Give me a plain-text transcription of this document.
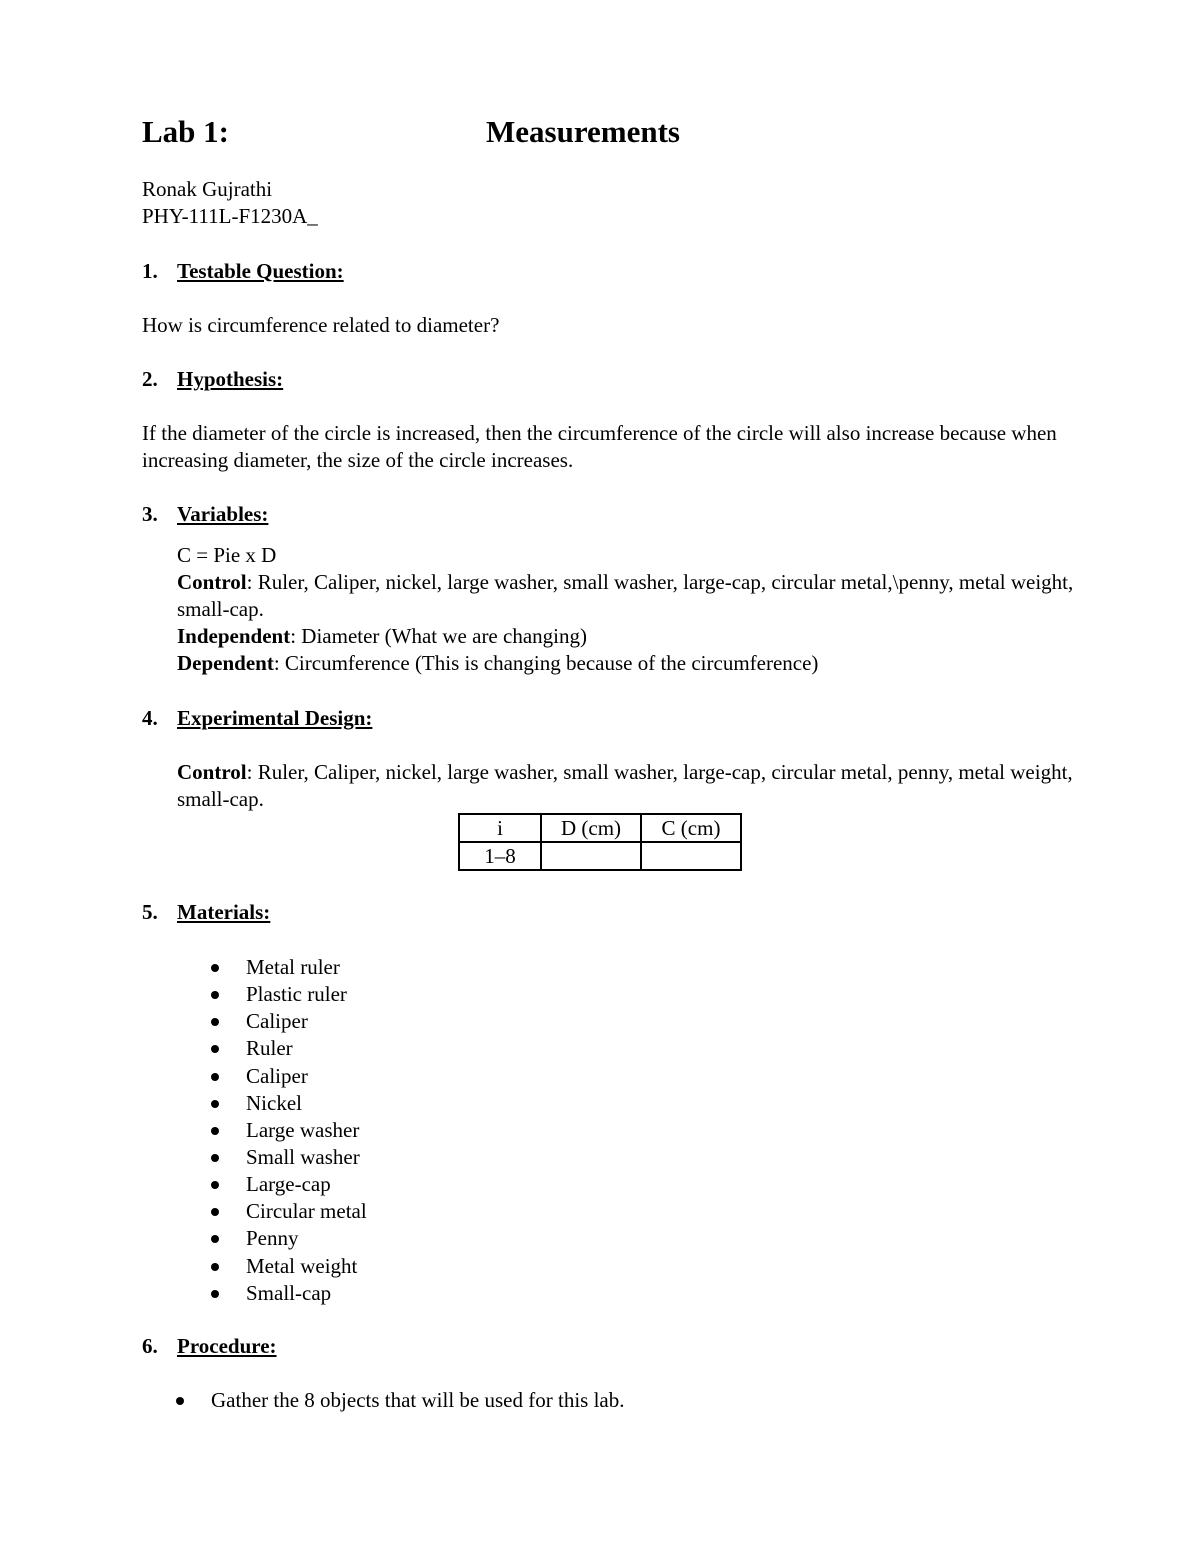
Lab 1:	Measurements
Ronak Gujrathi
PHY-111L-F1230A_
1. Testable Question:
How is circumference related to diameter?
2. Hypothesis:
If the diameter of the circle is increased, then the circumference of the circle will also increase because when increasing diameter, the size of the circle increases.
3. Variables:
C = Pie x D
Control: Ruler, Caliper, nickel, large washer, small washer, large-cap, circular metal,\penny, metal weight, small-cap.
Independent: Diameter (What we are changing)
Dependent: Circumference (This is changing because of the circumference)
4. Experimental Design:
Control: Ruler, Caliper, nickel, large washer, small washer, large-cap, circular metal, penny, metal weight, small-cap.
i	D (cm)	C (cm)
1–8		
5. Materials:
Metal ruler
Plastic ruler
Caliper
Ruler
Caliper
Nickel
Large washer
Small washer
Large-cap
Circular metal
Penny
Metal weight
Small-cap
6. Procedure:
Gather the 8 objects that will be used for this lab.
